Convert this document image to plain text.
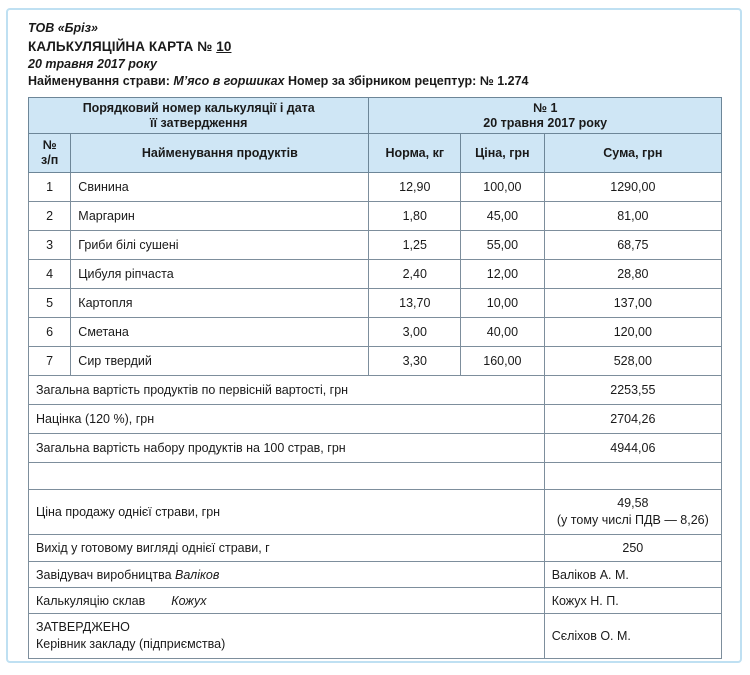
ТОВ «Бріз»
КАЛЬКУЛЯЦІЙНА КАРТА № 10
20 травня 2017 року
Найменування страви: М’ясо в горшиках Номер за збірником рецептур: № 1.274
Порядковий номер калькуляції і дата
її затвердження		№ 1
20 травня 2017 року		
№
з/п	Найменування продуктів	Норма, кг	Ціна, грн	Сума, грн
1	Свинина	12,90	100,00	1290,00
2	Маргарин	1,80	45,00	81,00
3	Гриби білі сушені	1,25	55,00	68,75
4	Цибуля ріпчаста	2,40	12,00	28,80
5	Картопля	13,70	10,00	137,00
6	Сметана	3,00	40,00	120,00
7	Сир твердий	3,30	160,00	528,00
Загальна вартість продуктів по первісній вартості, грн				2253,55
Націнка (120 %), грн				2704,26
Загальна вартість набору продуктів на 100 страв, грн				4944,06

Ціна продажу однієї страви, грн				49,58
(у тому числі ПДВ — 8,26)
Вихід у готовому вигляді однієї страви, г				250
Завідувач виробництва Валіков				Валіков А. М.
Калькуляцію склав Кожух				Кожух Н. П.

ЗАТВЕРДЖЕНО
Керівник закладу (підприємства)				Сєліхов О. М.
